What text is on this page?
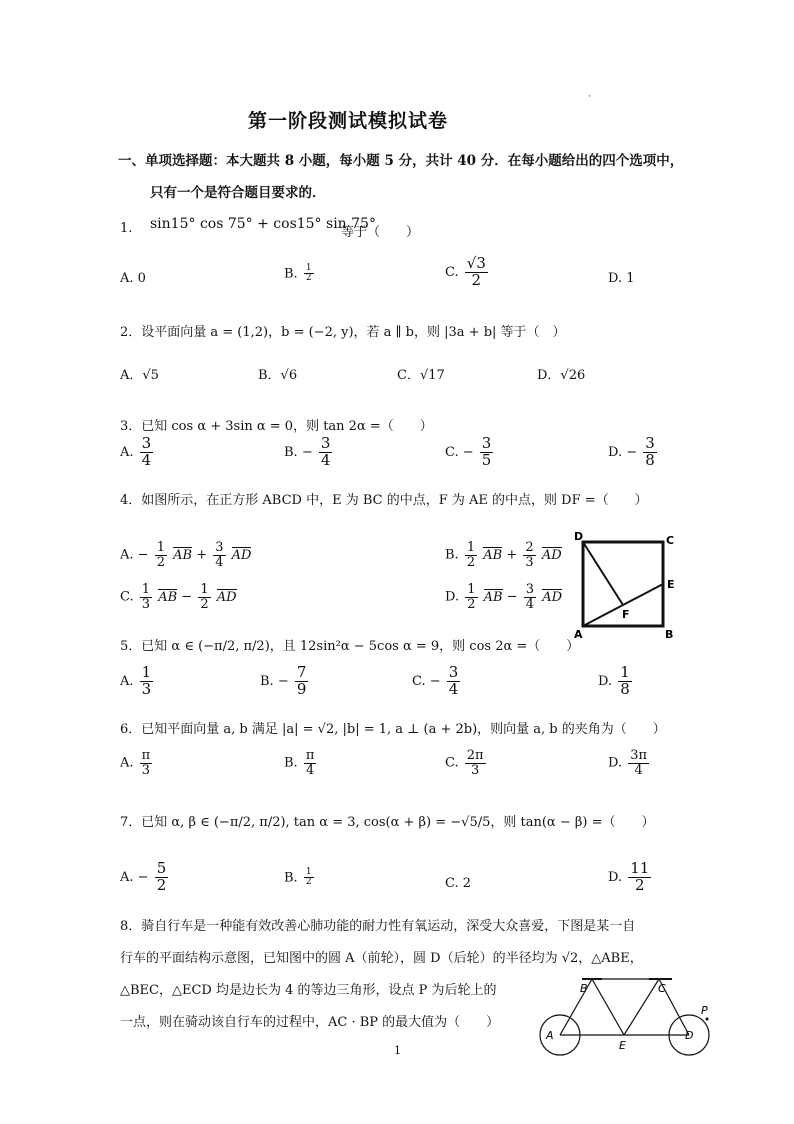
·
第一阶段测试模拟试卷
一、单项选择题：本大题共 8 小题，每小题 5 分，共计 40 分．在每小题给出的四个选项中，
只有一个是符合题目要求的．
1. sin15° cos 75° + cos15° sin 75°
等于（　　）
A. 0	B. $\frac{1}{2}$	C. $\frac{√3}{2}$	D. 1
2．设平面向量 a = (1,2)，b = (−2, y)，若 a ∥ b，则 |3a + b| 等于（　）
A．√5	B．√6	C．√17	D．√26
3．已知 cos α + 3sin α = 0，则 tan 2α =（　　）
A. $\frac{3}{4}$	B. − $\frac{3}{4}$	C. − $\frac{3}{5}$	D. − $\frac{3}{8}$
4．如图所示，在正方形 ABCD 中，E 为 BC 的中点，F 为 AE 的中点，则 DF =（　　）
A. − $\frac{1}{2}$ AB + $\frac{3}{4}$ AD	B. $\frac{1}{2}$ AB + $\frac{2}{3}$ AD
C. $\frac{1}{3}$ AB − $\frac{1}{2}$ AD	D. $\frac{1}{2}$ AB − $\frac{3}{4}$ AD
D	C
E
F
A	B
5．已知 α ∈ (−π/2, π/2)，且 12sin²α − 5cos α = 9，则 cos 2α =（　　）
A. $\frac{1}{3}$	B. − $\frac{7}{9}$	C. − $\frac{3}{4}$	D. $\frac{1}{8}$
6．已知平面向量 a, b 满足 |a| = √2, |b| = 1, a ⊥ (a + 2b)，则向量 a, b 的夹角为（　　）
A. $\frac{\pi}{3}$	B. $\frac{\pi}{4}$	C. $\frac{2\pi}{3}$	D. $\frac{3\pi}{4}$
7．已知 α, β ∈ (−π/2, π/2), tan α = 3, cos(α + β) = −√5/5，则 tan(α − β) =（　　）
A. − $\frac{5}{2}$	B. $\frac{1}{2}$	C. 2	D. $\frac{11}{2}$
8．骑自行车是一种能有效改善心肺功能的耐力性有氧运动，深受大众喜爱，下图是某一自
行车的平面结构示意图，已知图中的圆 A（前轮），圆 D（后轮）的半径均为 √2，△ABE，
△BEC，△ECD 均是边长为 4 的等边三角形，设点 P 为后轮上的
一点，则在骑动该自行车的过程中，AC · BP 的最大值为（　　）
A
B	C
D
E
P
1
